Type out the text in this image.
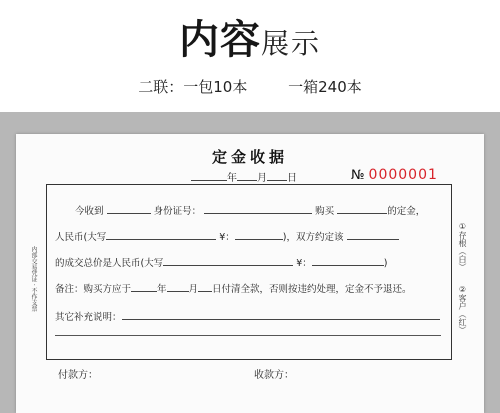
内容展示
二联：一包10本	一箱240本
定金收据
年 月 日	№ 0000001
内部交易凭证 · 不作支票
今收到	身份证号：	购买	的定金，
人民币(大写	¥：	)，双方约定该
的成交总价是人民币(大写	¥：	)
备注：购买方应于	年 月 日付清全款，否则按违约处理，定金不予退还。
其它补充说明：
①存根（白）②客户（红）
付款方：	收款方：
